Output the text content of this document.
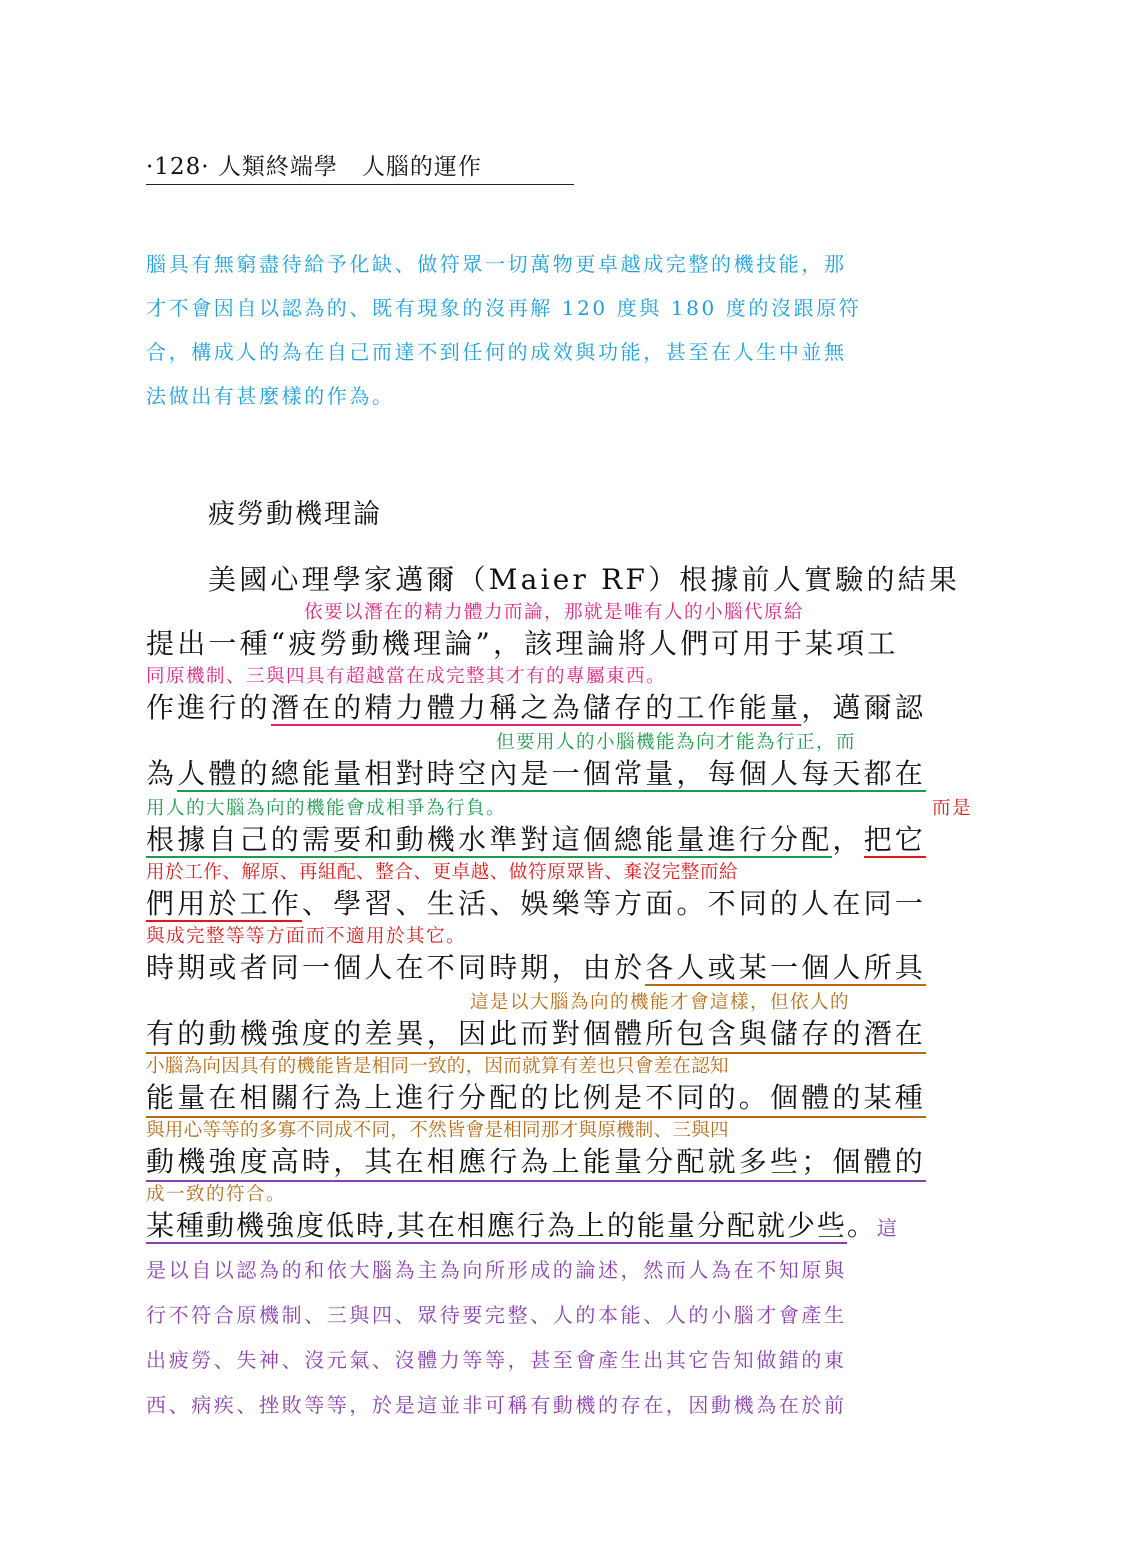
·128· 人類終端學　人腦的運作
腦具有無窮盡待給予化缺、做符眾一切萬物更卓越成完整的機技能，那
才不會因自以認為的、既有現象的沒再解 120 度與 180 度的沒跟原符
合，構成人的為在自己而達不到任何的成效與功能，甚至在人生中並無
法做出有甚麼樣的作為。
疲勞動機理論
美國心理學家邁爾（Maier RF）根據前人實驗的結果
依要以潛在的精力體力而論，那就是唯有人的小腦代原給
提出一種“疲勞動機理論”，該理論將人們可用于某項工
同原機制、三與四具有超越當在成完整其才有的專屬東西。
作進行的潛在的精力體力稱之為儲存的工作能量，邁爾認
但要用人的小腦機能為向才能為行正，而
為人體的總能量相對時空內是一個常量，每個人每天都在
用人的大腦為向的機能會成相爭為行負。	而是
根據自己的需要和動機水準對這個總能量進行分配，把它
用於工作、解原、再組配、整合、更卓越、做符原眾皆、棄沒完整而給
們用於工作、學習、生活、娛樂等方面。不同的人在同一
與成完整等等方面而不適用於其它。
時期或者同一個人在不同時期，由於各人或某一個人所具
這是以大腦為向的機能才會這樣，但依人的
有的動機強度的差異，因此而對個體所包含與儲存的潛在
小腦為向因具有的機能皆是相同一致的，因而就算有差也只會差在認知
能量在相關行為上進行分配的比例是不同的。個體的某種
與用心等等的多寡不同成不同，不然皆會是相同那才與原機制、三與四
動機強度高時，其在相應行為上能量分配就多些；個體的
成一致的符合。
某種動機強度低時,其在相應行為上的能量分配就少些。這
是以自以認為的和依大腦為主為向所形成的論述，然而人為在不知原與
行不符合原機制、三與四、眾待要完整、人的本能、人的小腦才會產生
出疲勞、失神、沒元氣、沒體力等等，甚至會產生出其它告知做錯的東
西、病疾、挫敗等等，於是這並非可稱有動機的存在，因動機為在於前
